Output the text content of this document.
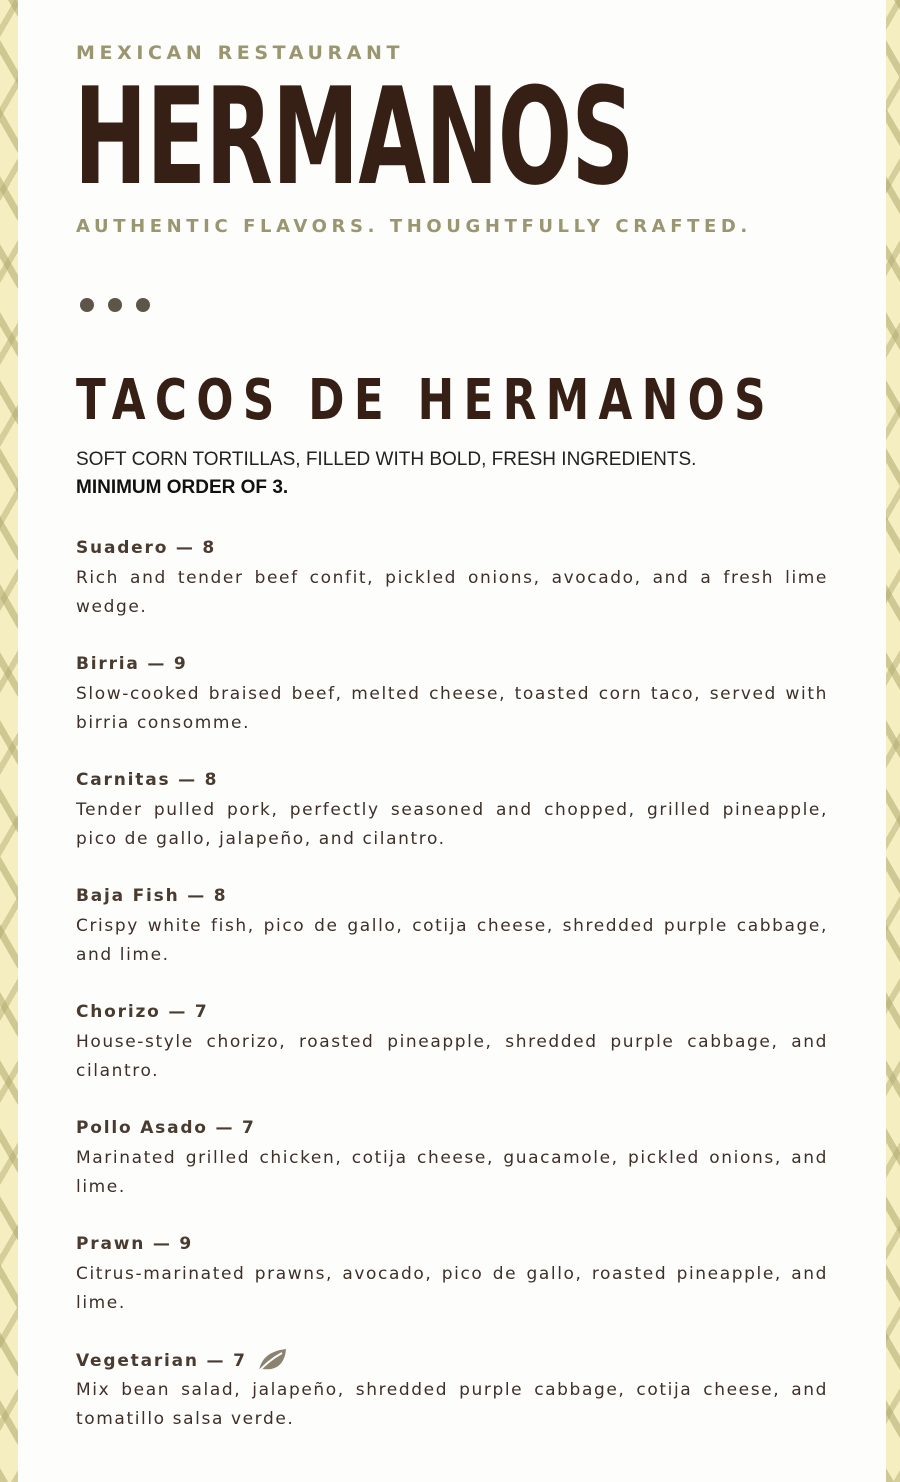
MEXICAN RESTAURANT

HERMANOS

AUTHENTIC FLAVORS. THOUGHTFULLY CRAFTED.

TACOS DE HERMANOS

SOFT CORN TORTILLAS, FILLED WITH BOLD, FRESH INGREDIENTS.

MINIMUM ORDER OF 3.

Suadero — 8

Rich and tender beef confit, pickled onions, avocado, and a fresh lime wedge.

Birria — 9

Slow-cooked braised beef, melted cheese, toasted corn taco, served with birria consomme.

Carnitas — 8

Tender pulled pork, perfectly seasoned and chopped, grilled pineapple, pico de gallo, jalapeño, and cilantro.

Baja Fish — 8

Crispy white fish, pico de gallo, cotija cheese, shredded purple cabbage, and lime.

Chorizo — 7

House-style chorizo, roasted pineapple, shredded purple cabbage, and cilantro.

Pollo Asado — 7

Marinated grilled chicken, cotija cheese, guacamole, pickled onions, and lime.

Prawn — 9

Citrus-marinated prawns, avocado, pico de gallo, roasted pineapple, and lime.

Vegetarian — 7

Mix bean salad, jalapeño, shredded purple cabbage, cotija cheese, and tomatillo salsa verde.
